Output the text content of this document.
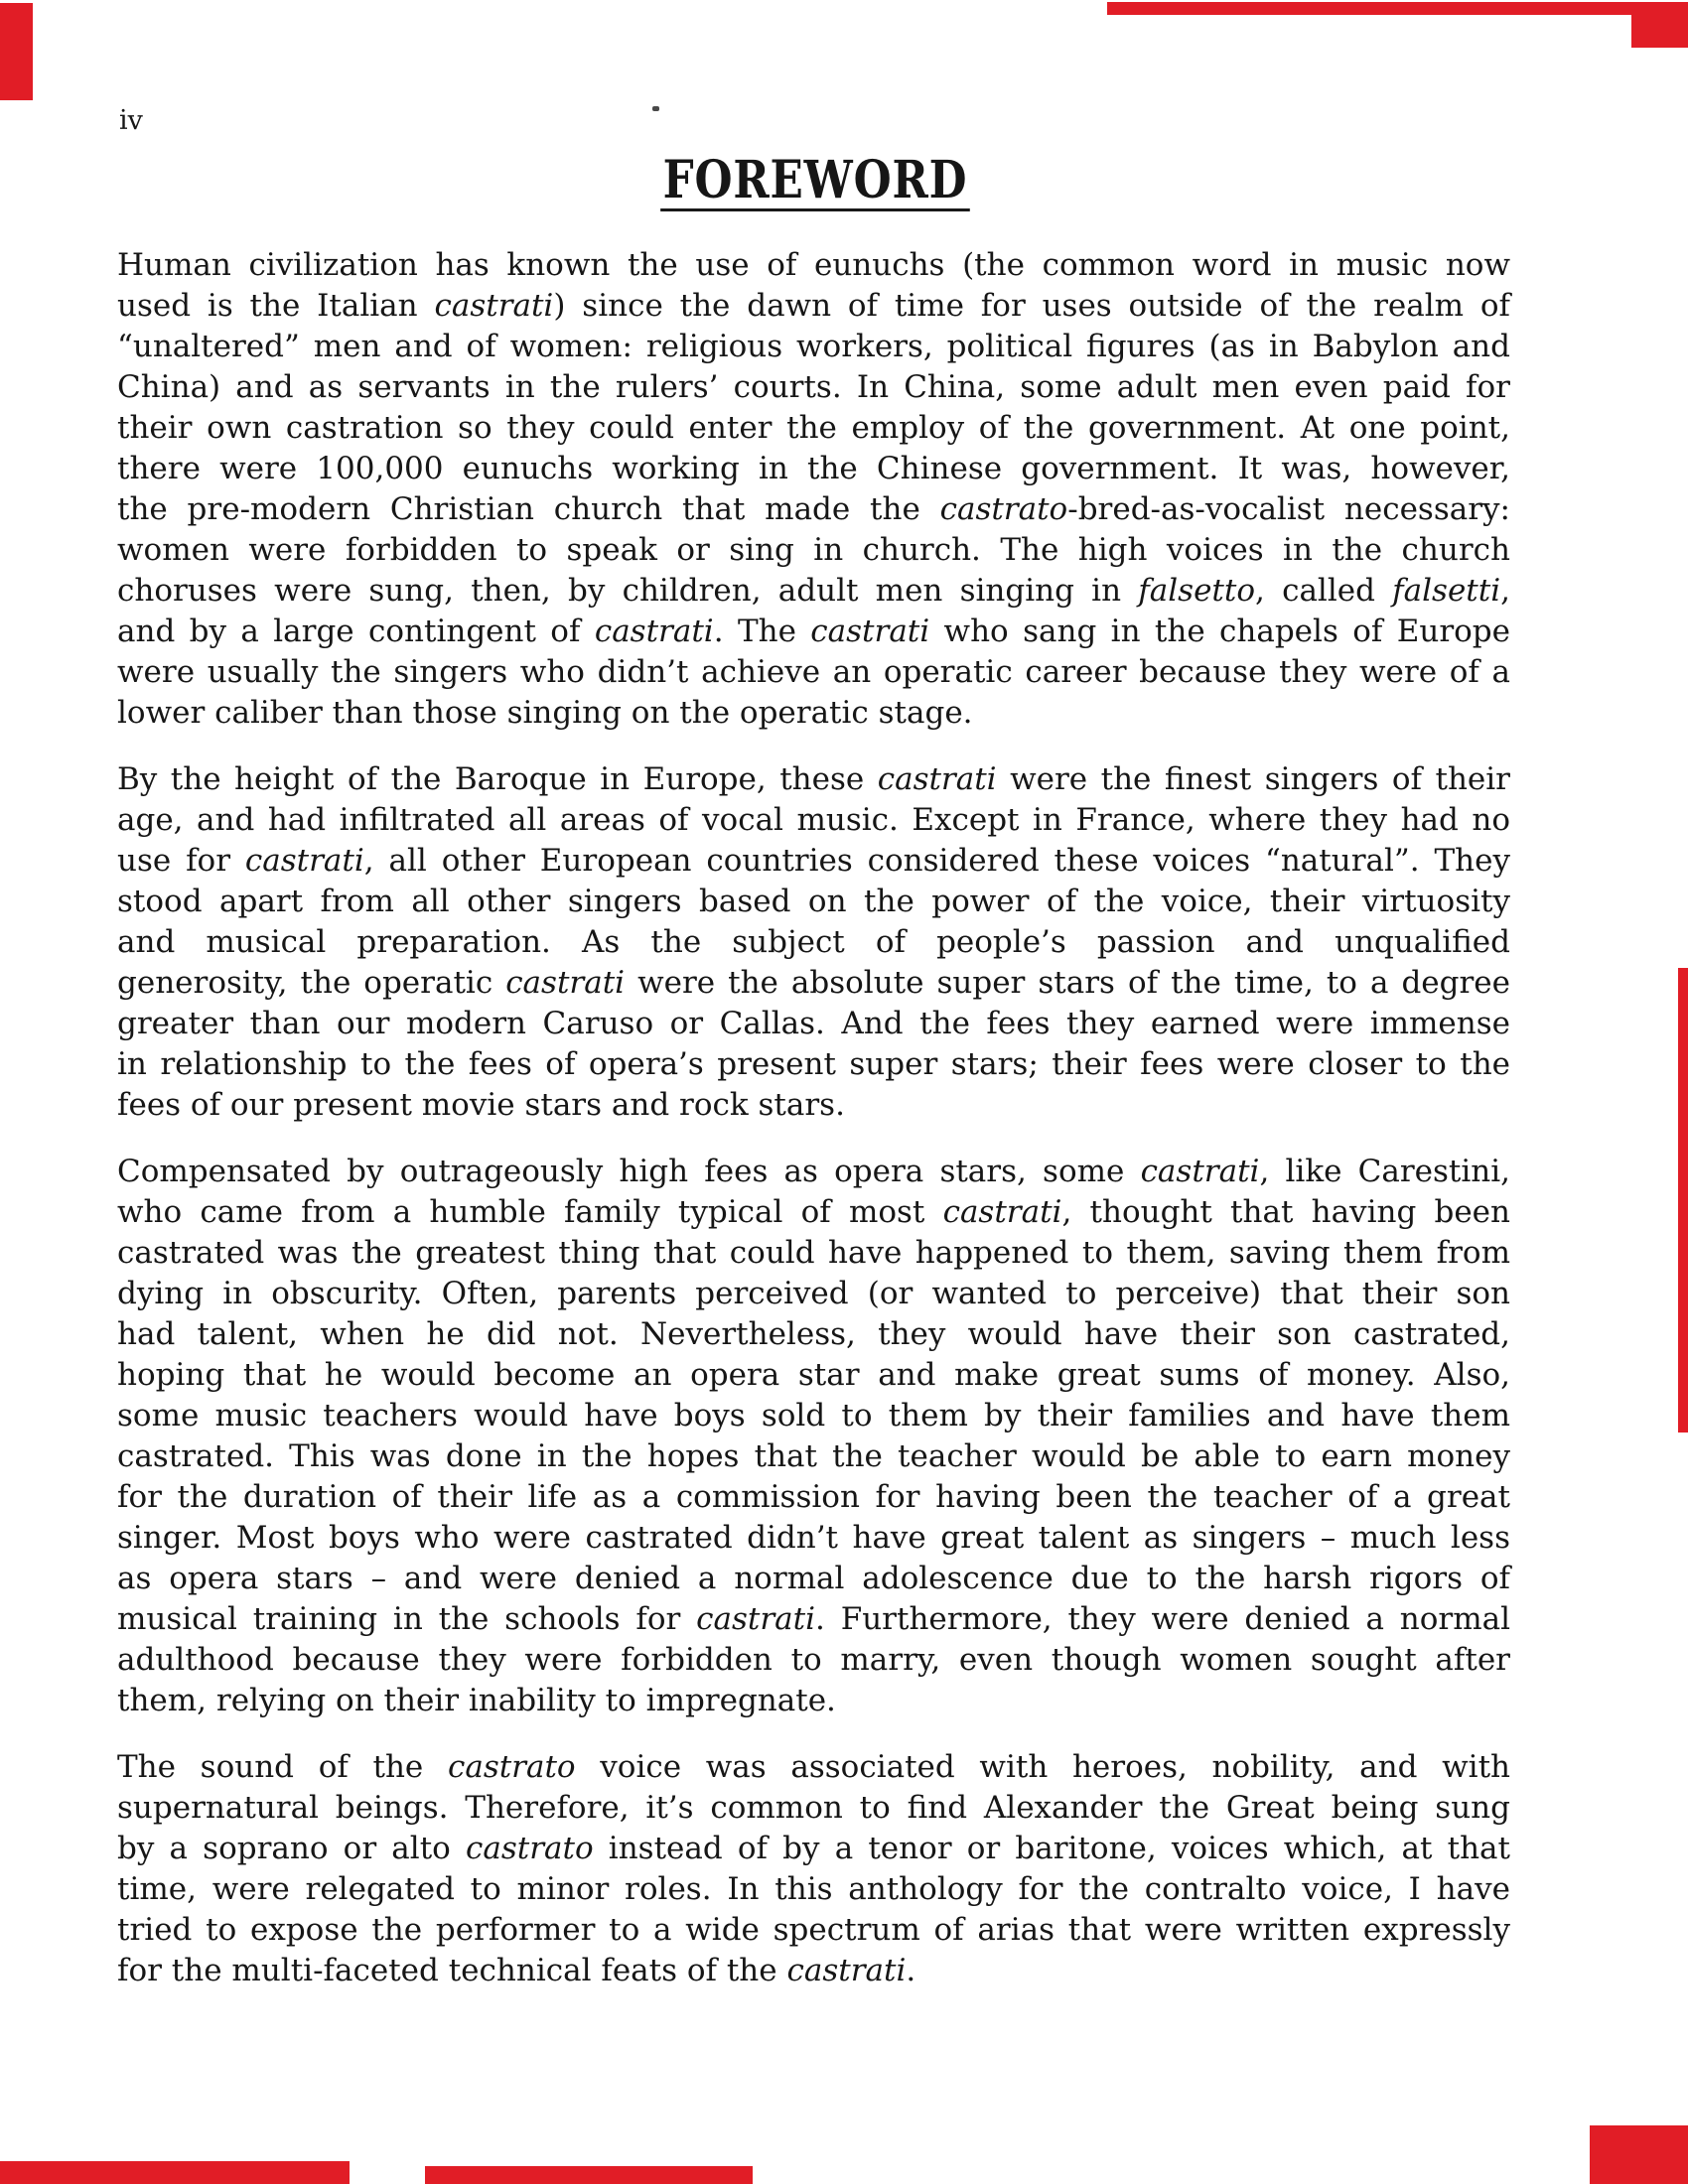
iv
FOREWORD
Human civilization has known the use of eunuchs (the common word in music now
used is the Italian castrati) since the dawn of time for uses outside of the realm of
“unaltered” men and of women: religious workers, political figures (as in Babylon and
China) and as servants in the rulers’ courts. In China, some adult men even paid for
their own castration so they could enter the employ of the government. At one point,
there were 100,000 eunuchs working in the Chinese government. It was, however,
the pre-modern Christian church that made the castrato-bred-as-vocalist necessary:
women were forbidden to speak or sing in church. The high voices in the church
choruses were sung, then, by children, adult men singing in falsetto, called falsetti,
and by a large contingent of castrati. The castrati who sang in the chapels of Europe
were usually the singers who didn’t achieve an operatic career because they were of a
lower caliber than those singing on the operatic stage.
By the height of the Baroque in Europe, these castrati were the finest singers of their
age, and had infiltrated all areas of vocal music. Except in France, where they had no
use for castrati, all other European countries considered these voices “natural”. They
stood apart from all other singers based on the power of the voice, their virtuosity
and musical preparation. As the subject of people’s passion and unqualified
generosity, the operatic castrati were the absolute super stars of the time, to a degree
greater than our modern Caruso or Callas. And the fees they earned were immense
in relationship to the fees of opera’s present super stars; their fees were closer to the
fees of our present movie stars and rock stars.
Compensated by outrageously high fees as opera stars, some castrati, like Carestini,
who came from a humble family typical of most castrati, thought that having been
castrated was the greatest thing that could have happened to them, saving them from
dying in obscurity. Often, parents perceived (or wanted to perceive) that their son
had talent, when he did not. Nevertheless, they would have their son castrated,
hoping that he would become an opera star and make great sums of money. Also,
some music teachers would have boys sold to them by their families and have them
castrated. This was done in the hopes that the teacher would be able to earn money
for the duration of their life as a commission for having been the teacher of a great
singer. Most boys who were castrated didn’t have great talent as singers – much less
as opera stars – and were denied a normal adolescence due to the harsh rigors of
musical training in the schools for castrati. Furthermore, they were denied a normal
adulthood because they were forbidden to marry, even though women sought after
them, relying on their inability to impregnate.
The sound of the castrato voice was associated with heroes, nobility, and with
supernatural beings. Therefore, it’s common to find Alexander the Great being sung
by a soprano or alto castrato instead of by a tenor or baritone, voices which, at that
time, were relegated to minor roles. In this anthology for the contralto voice, I have
tried to expose the performer to a wide spectrum of arias that were written expressly
for the multi-faceted technical feats of the castrati.
